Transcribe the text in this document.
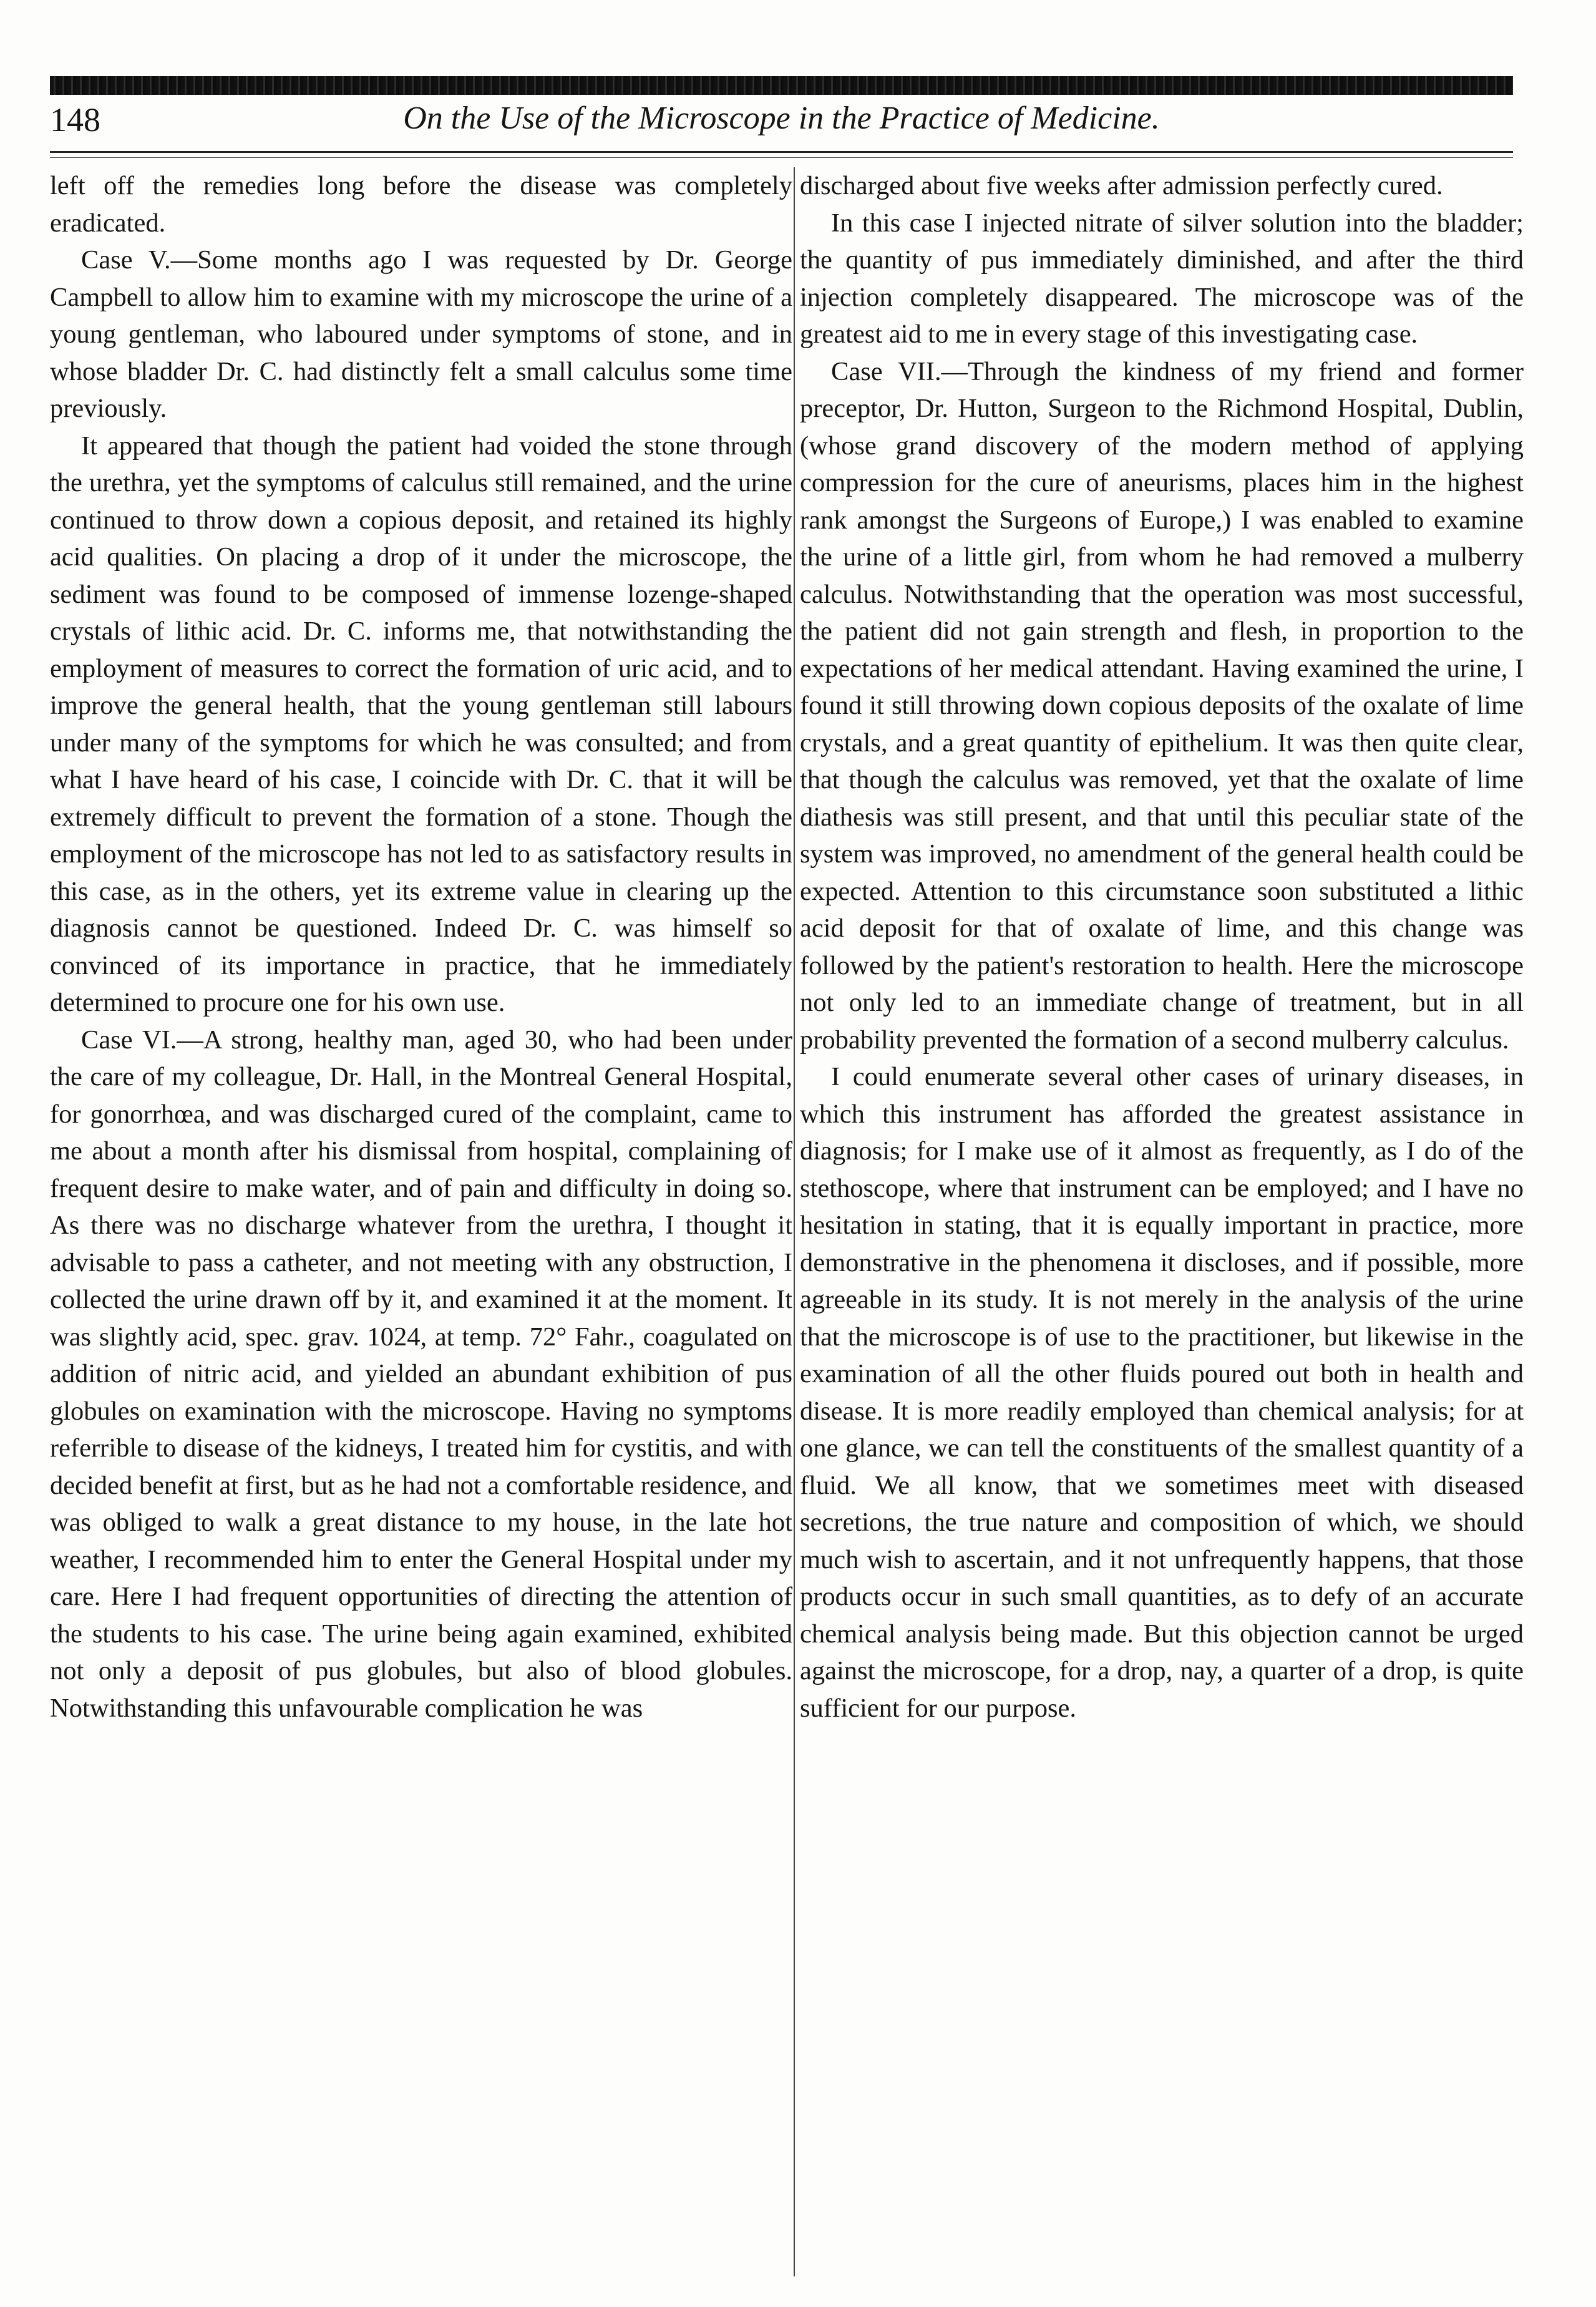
148	On the Use of the Microscope in the Practice of Medicine.

left off the remedies long before the disease was completely eradicated.

Case V.—Some months ago I was requested by Dr. George Campbell to allow him to examine with my microscope the urine of a young gentleman, who laboured under symptoms of stone, and in whose bladder Dr. C. had distinctly felt a small calculus some time previously.

It appeared that though the patient had voided the stone through the urethra, yet the symptoms of calculus still remained, and the urine continued to throw down a copious deposit, and retained its highly acid qualities. On placing a drop of it under the microscope, the sediment was found to be composed of immense lozenge-shaped crystals of lithic acid. Dr. C. informs me, that notwithstanding the employment of measures to correct the formation of uric acid, and to improve the general health, that the young gentleman still labours under many of the symptoms for which he was consulted; and from what I have heard of his case, I coincide with Dr. C. that it will be extremely difficult to prevent the formation of a stone. Though the employment of the microscope has not led to as satisfactory results in this case, as in the others, yet its extreme value in clearing up the diagnosis cannot be questioned. Indeed Dr. C. was himself so convinced of its importance in practice, that he immediately determined to procure one for his own use.

Case VI.—A strong, healthy man, aged 30, who had been under the care of my colleague, Dr. Hall, in the Montreal General Hospital, for gonorrhœa, and was discharged cured of the complaint, came to me about a month after his dismissal from hospital, complaining of frequent desire to make water, and of pain and difficulty in doing so. As there was no discharge whatever from the urethra, I thought it advisable to pass a catheter, and not meeting with any obstruction, I collected the urine drawn off by it, and examined it at the moment. It was slightly acid, spec. grav. 1024, at temp. 72° Fahr., coagulated on addition of nitric acid, and yielded an abundant exhibition of pus globules on examination with the microscope. Having no symptoms referrible to disease of the kidneys, I treated him for cystitis, and with decided benefit at first, but as he had not a comfortable residence, and was obliged to walk a great distance to my house, in the late hot weather, I recommended him to enter the General Hospital under my care. Here I had frequent opportunities of directing the attention of the students to his case. The urine being again examined, exhibited not only a deposit of pus globules, but also of blood globules. Notwithstanding this unfavourable complication he was

discharged about five weeks after admission perfectly cured.

In this case I injected nitrate of silver solution into the bladder; the quantity of pus immediately diminished, and after the third injection completely disappeared. The microscope was of the greatest aid to me in every stage of this investigating case.

Case VII.—Through the kindness of my friend and former preceptor, Dr. Hutton, Surgeon to the Richmond Hospital, Dublin, (whose grand discovery of the modern method of applying compression for the cure of aneurisms, places him in the highest rank amongst the Surgeons of Europe,) I was enabled to examine the urine of a little girl, from whom he had removed a mulberry calculus. Notwithstanding that the operation was most successful, the patient did not gain strength and flesh, in proportion to the expectations of her medical attendant. Having examined the urine, I found it still throwing down copious deposits of the oxalate of lime crystals, and a great quantity of epithelium. It was then quite clear, that though the calculus was removed, yet that the oxalate of lime diathesis was still present, and that until this peculiar state of the system was improved, no amendment of the general health could be expected. Attention to this circumstance soon substituted a lithic acid deposit for that of oxalate of lime, and this change was followed by the patient's restoration to health. Here the microscope not only led to an immediate change of treatment, but in all probability prevented the formation of a second mulberry calculus.

I could enumerate several other cases of urinary diseases, in which this instrument has afforded the greatest assistance in diagnosis; for I make use of it almost as frequently, as I do of the stethoscope, where that instrument can be employed; and I have no hesitation in stating, that it is equally important in practice, more demonstrative in the phenomena it discloses, and if possible, more agreeable in its study. It is not merely in the analysis of the urine that the microscope is of use to the practitioner, but likewise in the examination of all the other fluids poured out both in health and disease. It is more readily employed than chemical analysis; for at one glance, we can tell the constituents of the smallest quantity of a fluid. We all know, that we sometimes meet with diseased secretions, the true nature and composition of which, we should much wish to ascertain, and it not unfrequently happens, that those products occur in such small quantities, as to defy of an accurate chemical analysis being made. But this objection cannot be urged against the microscope, for a drop, nay, a quarter of a drop, is quite sufficient for our purpose.
